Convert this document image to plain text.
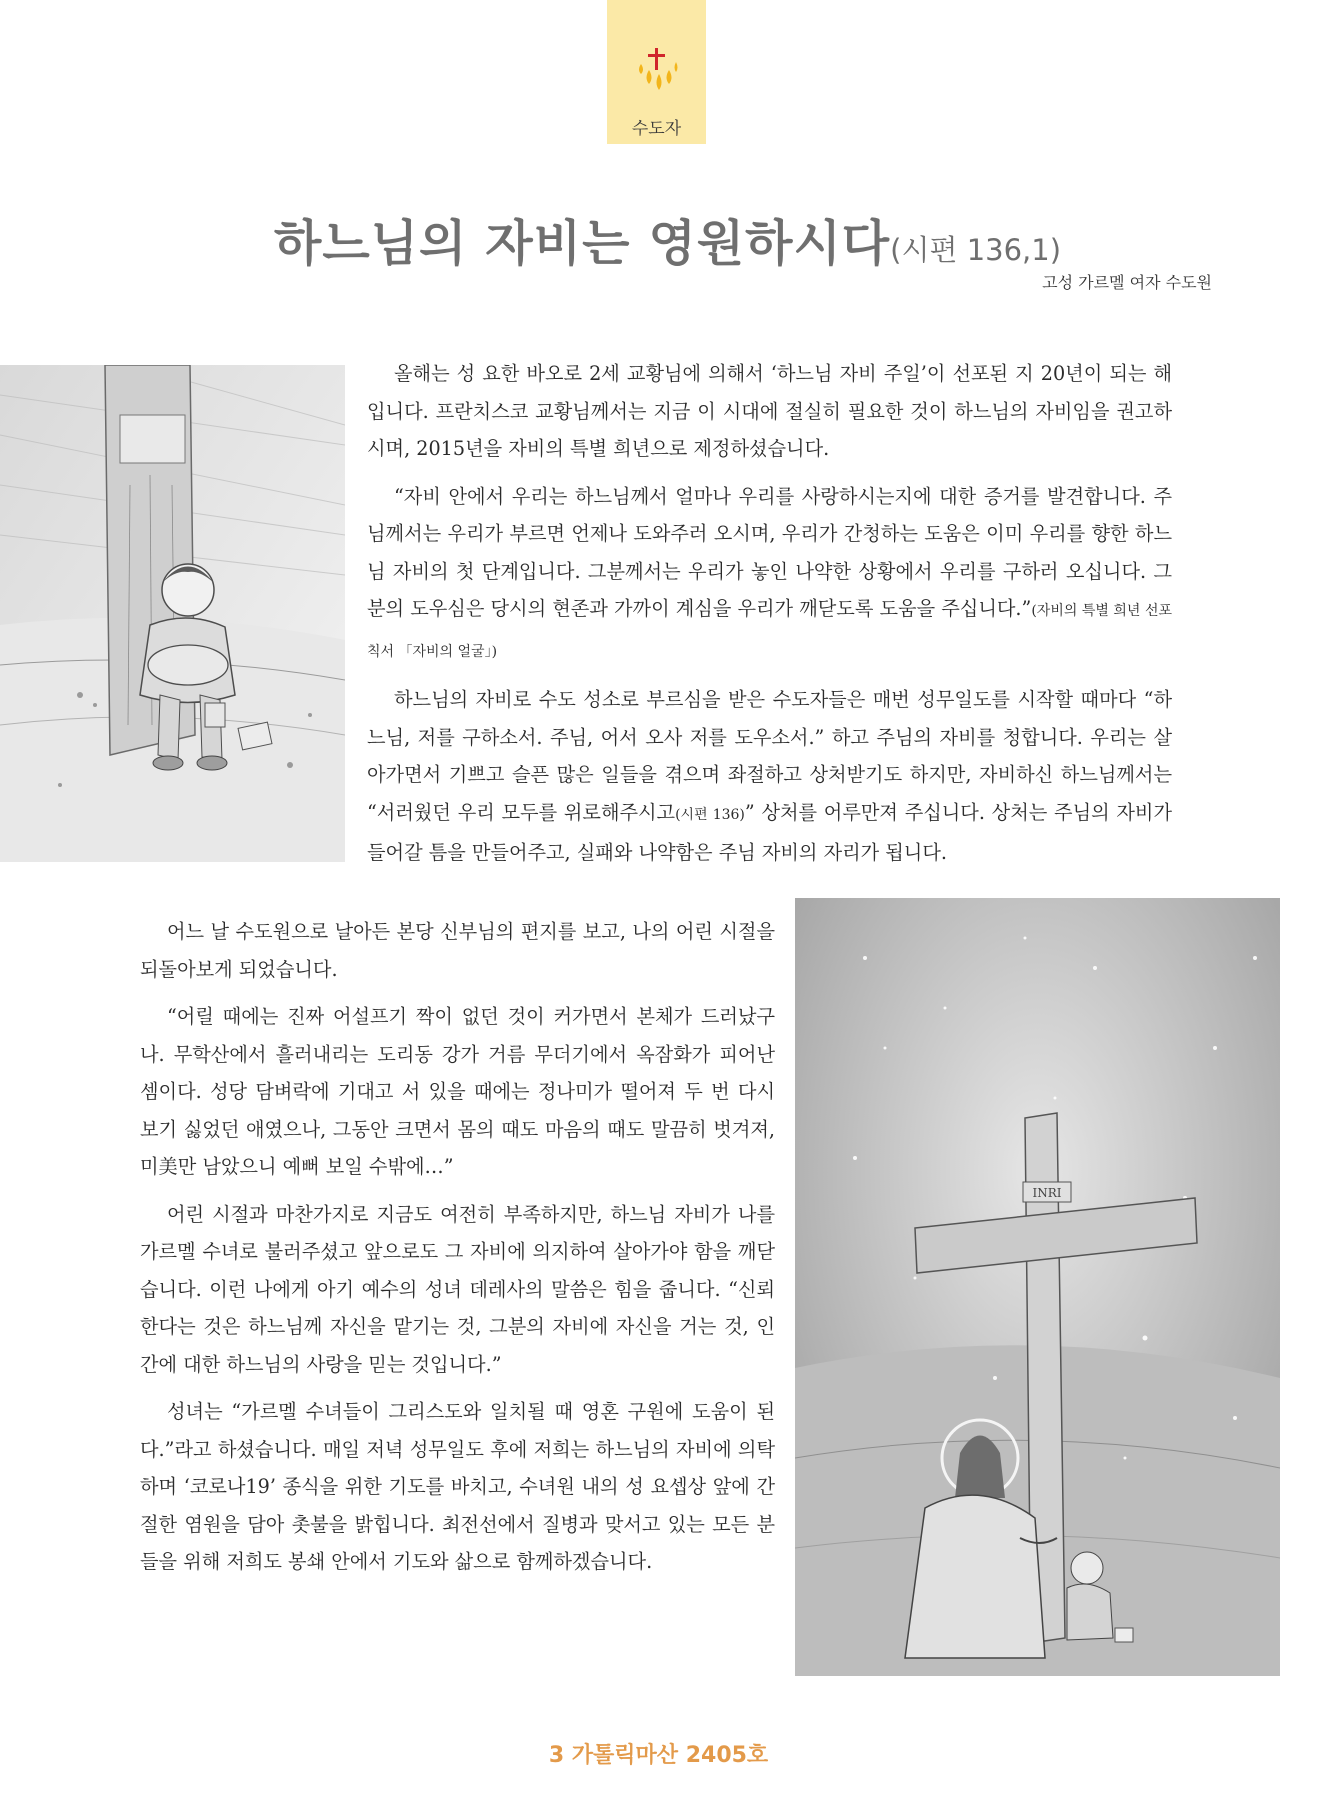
수도자
하느님의 자비는 영원하시다(시편 136,1)
고성 가르멜 여자 수도원

올해는 성 요한 바오로 2세 교황님에 의해서 ‘하느님 자비 주일’이 선포된 지 20년이 되는 해입니다. 프란치스코 교황님께서는 지금 이 시대에 절실히 필요한 것이 하느님의 자비임을 권고하시며, 2015년을 자비의 특별 희년으로 제정하셨습니다.

“자비 안에서 우리는 하느님께서 얼마나 우리를 사랑하시는지에 대한 증거를 발견합니다. 주님께서는 우리가 부르면 언제나 도와주러 오시며, 우리가 간청하는 도움은 이미 우리를 향한 하느님 자비의 첫 단계입니다. 그분께서는 우리가 놓인 나약한 상황에서 우리를 구하러 오십니다. 그분의 도우심은 당시의 현존과 가까이 계심을 우리가 깨닫도록 도움을 주십니다.”(자비의 특별 희년 선포 칙서 「자비의 얼굴」)

하느님의 자비로 수도 성소로 부르심을 받은 수도자들은 매번 성무일도를 시작할 때마다 “하느님, 저를 구하소서. 주님, 어서 오사 저를 도우소서.” 하고 주님의 자비를 청합니다. 우리는 살아가면서 기쁘고 슬픈 많은 일들을 겪으며 좌절하고 상처받기도 하지만, 자비하신 하느님께서는 “서러웠던 우리 모두를 위로해주시고(시편 136)” 상처를 어루만져 주십니다. 상처는 주님의 자비가 들어갈 틈을 만들어주고, 실패와 나약함은 주님 자비의 자리가 됩니다.

어느 날 수도원으로 날아든 본당 신부님의 편지를 보고, 나의 어린 시절을 되돌아보게 되었습니다.

“어릴 때에는 진짜 어설프기 짝이 없던 것이 커가면서 본체가 드러났구나. 무학산에서 흘러내리는 도리동 강가 거름 무더기에서 옥잠화가 피어난 셈이다. 성당 담벼락에 기대고 서 있을 때에는 정나미가 떨어져 두 번 다시 보기 싫었던 애였으나, 그동안 크면서 몸의 때도 마음의 때도 말끔히 벗겨져, 미美만 남았으니 예뻐 보일 수밖에…”

어린 시절과 마찬가지로 지금도 여전히 부족하지만, 하느님 자비가 나를 가르멜 수녀로 불러주셨고 앞으로도 그 자비에 의지하여 살아가야 함을 깨닫습니다. 이런 나에게 아기 예수의 성녀 데레사의 말씀은 힘을 줍니다. “신뢰한다는 것은 하느님께 자신을 맡기는 것, 그분의 자비에 자신을 거는 것, 인간에 대한 하느님의 사랑을 믿는 것입니다.”

성녀는 “가르멜 수녀들이 그리스도와 일치될 때 영혼 구원에 도움이 된다.”라고 하셨습니다. 매일 저녁 성무일도 후에 저희는 하느님의 자비에 의탁하며 ‘코로나19’ 종식을 위한 기도를 바치고, 수녀원 내의 성 요셉상 앞에 간절한 염원을 담아 촛불을 밝힙니다. 최전선에서 질병과 맞서고 있는 모든 분들을 위해 저희도 봉쇄 안에서 기도와 삶으로 함께하겠습니다.

INRI
3 가톨릭마산 2405호
